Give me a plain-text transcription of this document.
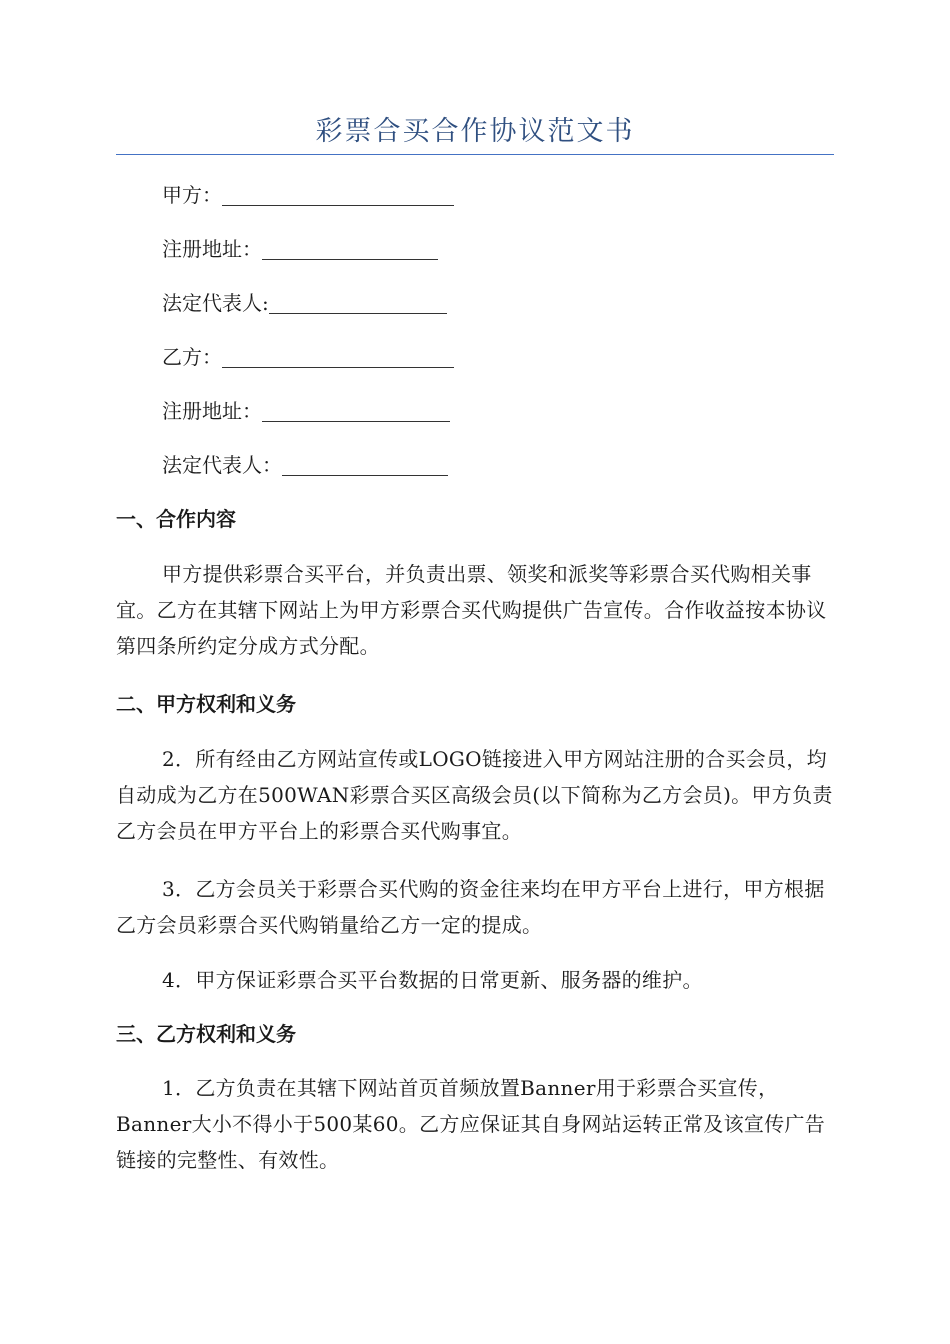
彩票合买合作协议范文书
甲方：
注册地址：
法定代表人:
乙方：
注册地址：
法定代表人：
一、合作内容
甲方提供彩票合买平台，并负责出票、领奖和派奖等彩票合买代购相关事宜。乙方在其辖下网站上为甲方彩票合买代购提供广告宣传。合作收益按本协议第四条所约定分成方式分配。
二、甲方权利和义务
2．所有经由乙方网站宣传或LOGO链接进入甲方网站注册的合买会员，均自动成为乙方在500WAN彩票合买区高级会员(以下简称为乙方会员)。甲方负责乙方会员在甲方平台上的彩票合买代购事宜。
3．乙方会员关于彩票合买代购的资金往来均在甲方平台上进行，甲方根据乙方会员彩票合买代购销量给乙方一定的提成。
4．甲方保证彩票合买平台数据的日常更新、服务器的维护。
三、乙方权利和义务
1．乙方负责在其辖下网站首页首频放置Banner用于彩票合买宣传，Banner大小不得小于500某60。乙方应保证其自身网站运转正常及该宣传广告链接的完整性、有效性。
